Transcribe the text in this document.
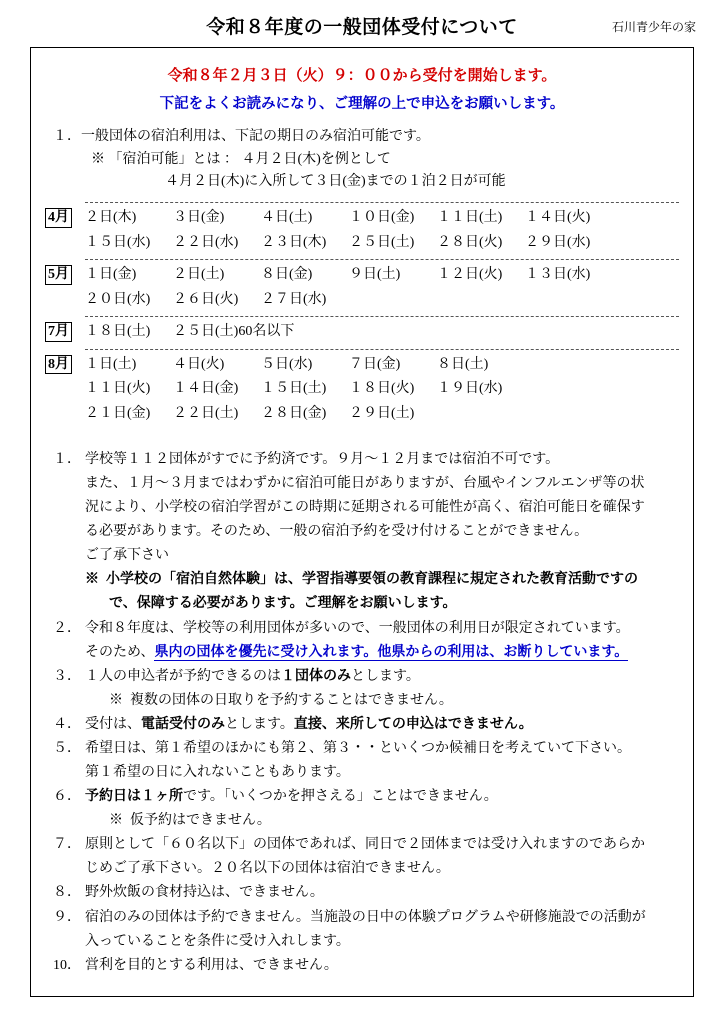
令和８年度の一般団体受付について	石川青少年の家
令和８年２月３日（火）９：００から受付を開始します。
下記をよくお読みになり、ご理解の上で申込をお願いします。

１．一般団体の宿泊利用は、下記の期日のみ宿泊可能です。

※ 「宿泊可能」とは ： ４月２日(木)を例として

４月２日(木)に入所して３日(金)までの１泊２日が可能

4月	２日(木)	３日(金)	４日(土)	１０日(金)	１１日(土)	１４日(火)
１５日(水)	２２日(水)	２３日(木)	２５日(土)	２８日(火)	２９日(水)
5月	１日(金)	２日(土)	８日(金)	９日(土)	１２日(火)	１３日(水)
２０日(水)	２６日(火)	２７日(水)
7月	１８日(土)	２５日(土)60名以下
8月	１日(土)	４日(火)	５日(水)	７日(金)	８日(土)
１１日(火)	１４日(金)	１５日(土)	１８日(火)	１９日(水)
２１日(金)	２２日(土)	２８日(金)	２９日(土)
１． 学校等１１２団体がすでに予約済です。９月～１２月までは宿泊不可です。

また、１月～３月まではわずかに宿泊可能日がありますが、台風やインフルエンザ等の状

況により、小学校の宿泊学習がこの時期に延期される可能性が高く、宿泊可能日を確保す

る必要があります。そのため、一般の宿泊予約を受け付けることができません。

ご了承下さい

※ 小学校の「宿泊自然体験」は、学習指導要領の教育課程に規定された教育活動ですの

で、保障する必要があります。ご理解をお願いします。

２． 令和８年度は、学校等の利用団体が多いので、一般団体の利用日が限定されています。

そのため、県内の団体を優先に受け入れます。他県からの利用は、お断りしています。

３． １人の申込者が予約できるのは１団体のみとします。

※ 複数の団体の日取りを予約することはできません。

４． 受付は、電話受付のみとします。直接、来所しての申込はできません。

５． 希望日は、第１希望のほかにも第２、第３・・といくつか候補日を考えていて下さい。

第１希望の日に入れないこともあります。

６． 予約日は１ヶ所です。「いくつかを押さえる」ことはできません。

※ 仮予約はできません。

７． 原則として「６０名以下」の団体であれば、同日で２団体までは受け入れますのであらか

じめご了承下さい。２０名以下の団体は宿泊できません。

８． 野外炊飯の食材持込は、できません。

９． 宿泊のみの団体は予約できません。当施設の日中の体験プログラムや研修施設での活動が

入っていることを条件に受け入れします。

10． 営利を目的とする利用は、できません。
